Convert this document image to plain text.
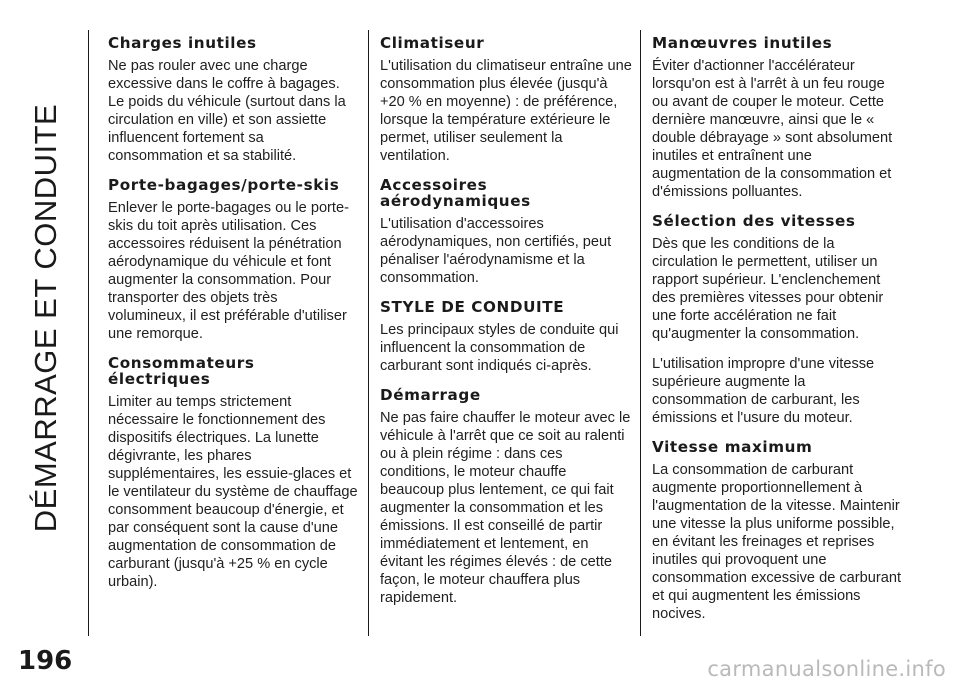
DÉMARRAGE ET CONDUITE
Charges inutiles

Ne pas rouler avec une charge excessive dans le coffre à bagages. Le poids du véhicule (surtout dans la circulation en ville) et son assiette influencent fortement sa consommation et sa stabilité.

Porte-bagages/porte-skis

Enlever le porte-bagages ou le porte-skis du toit après utilisation. Ces accessoires réduisent la pénétration aérodynamique du véhicule et font augmenter la consommation. Pour transporter des objets très volumineux, il est préférable d'utiliser une remorque.

Consommateurs électriques

Limiter au temps strictement nécessaire le fonctionnement des dispositifs électriques. La lunette dégivrante, les phares supplémentaires, les essuie-glaces et le ventilateur du système de chauffage consomment beaucoup d'énergie, et par conséquent sont la cause d'une augmentation de consommation de carburant (jusqu'à +25 % en cycle urbain).

Climatiseur

L'utilisation du climatiseur entraîne une consommation plus élevée (jusqu'à +20 % en moyenne) : de préférence, lorsque la température extérieure le permet, utiliser seulement la ventilation.

Accessoires aérodynamiques

L'utilisation d'accessoires aérodynamiques, non certifiés, peut pénaliser l'aérodynamisme et la consommation.

STYLE DE CONDUITE

Les principaux styles de conduite qui influencent la consommation de carburant sont indiqués ci-après.

Démarrage

Ne pas faire chauffer le moteur avec le véhicule à l'arrêt que ce soit au ralenti ou à plein régime : dans ces conditions, le moteur chauffe beaucoup plus lentement, ce qui fait augmenter la consommation et les émissions. Il est conseillé de partir immédiatement et lentement, en évitant les régimes élevés : de cette façon, le moteur chauffera plus rapidement.

Manœuvres inutiles

Éviter d'actionner l'accélérateur lorsqu'on est à l'arrêt à un feu rouge ou avant de couper le moteur. Cette dernière manœuvre, ainsi que le « double débrayage » sont absolument inutiles et entraînent une augmentation de la consommation et d'émissions polluantes.

Sélection des vitesses

Dès que les conditions de la circulation le permettent, utiliser un rapport supérieur. L'enclenchement des premières vitesses pour obtenir une forte accélération ne fait qu'augmenter la consommation.

L'utilisation impropre d'une vitesse supérieure augmente la consommation de carburant, les émissions et l'usure du moteur.

Vitesse maximum

La consommation de carburant augmente proportionnellement à l'augmentation de la vitesse. Maintenir une vitesse la plus uniforme possible, en évitant les freinages et reprises inutiles qui provoquent une consommation excessive de carburant et qui augmentent les émissions nocives.

196	carmanualsonline.info
